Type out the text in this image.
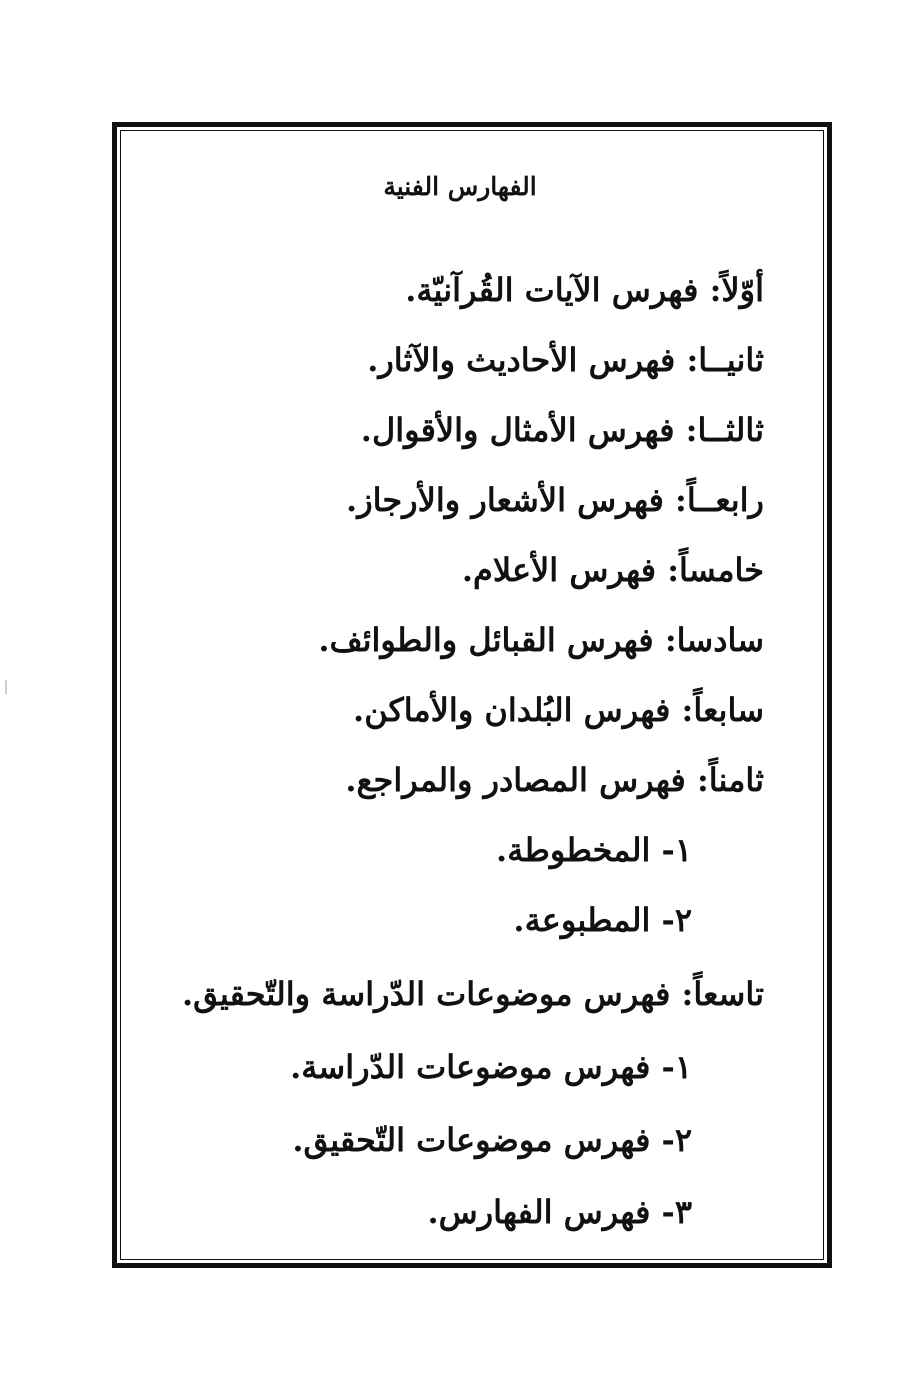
الفهارس الفنية
أوّلاً: فهرس الآيات القُرآنيّة.
ثانيــا: فهرس الأحاديث والآثار.
ثالثــا: فهرس الأمثال والأقوال.
رابعــاً: فهرس الأشعار والأرجاز.
خامساً: فهرس الأعلام.
سادسا: فهرس القبائل والطوائف.
سابعاً: فهرس البُلدان والأماكن.
ثامناً: فهرس المصادر والمراجع.
١- المخطوطة.
٢- المطبوعة.
تاسعاً: فهرس موضوعات الدّراسة والتّحقيق.
١- فهرس موضوعات الدّراسة.
٢- فهرس موضوعات التّحقيق.
٣- فهرس الفهارس.
